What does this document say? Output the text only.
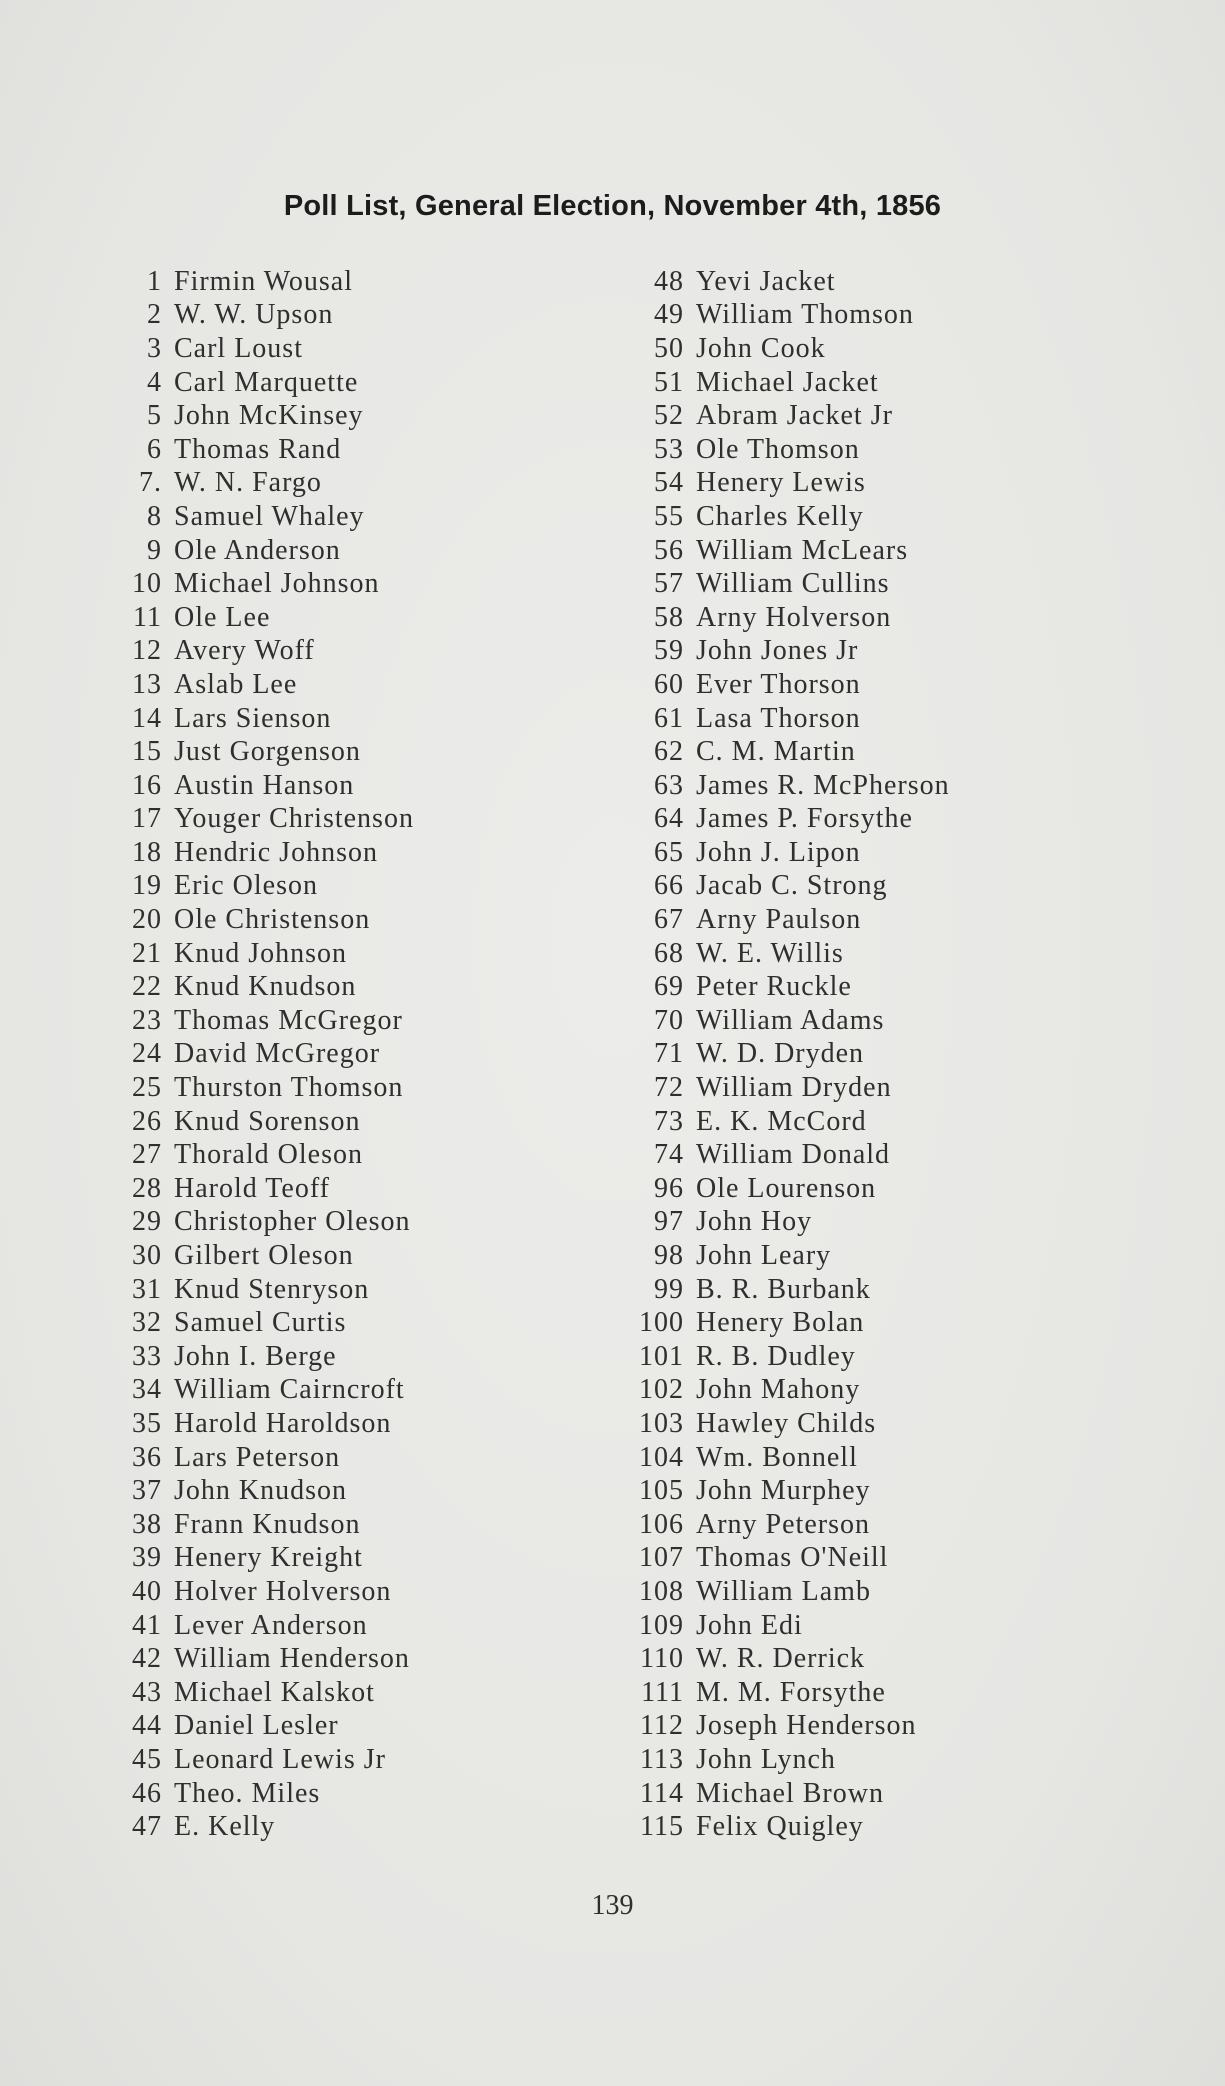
Poll List, General Election, November 4th, 1856
1 Firmin Wousal
2 W. W. Upson
3 Carl Loust
4 Carl Marquette
5 John McKinsey
6 Thomas Rand
7. W. N. Fargo
8 Samuel Whaley
9 Ole Anderson
10 Michael Johnson
11 Ole Lee
12 Avery Woff
13 Aslab Lee
14 Lars Sienson
15 Just Gorgenson
16 Austin Hanson
17 Youger Christenson
18 Hendric Johnson
19 Eric Oleson
20 Ole Christenson
21 Knud Johnson
22 Knud Knudson
23 Thomas McGregor
24 David McGregor
25 Thurston Thomson
26 Knud Sorenson
27 Thorald Oleson
28 Harold Teoff
29 Christopher Oleson
30 Gilbert Oleson
31 Knud Stenryson
32 Samuel Curtis
33 John I. Berge
34 William Cairncroft
35 Harold Haroldson
36 Lars Peterson
37 John Knudson
38 Frann Knudson
39 Henery Kreight
40 Holver Holverson
41 Lever Anderson
42 William Henderson
43 Michael Kalskot
44 Daniel Lesler
45 Leonard Lewis Jr
46 Theo. Miles
47 E. Kelly
48 Yevi Jacket
49 William Thomson
50 John Cook
51 Michael Jacket
52 Abram Jacket Jr
53 Ole Thomson
54 Henery Lewis
55 Charles Kelly
56 William McLears
57 William Cullins
58 Arny Holverson
59 John Jones Jr
60 Ever Thorson
61 Lasa Thorson
62 C. M. Martin
63 James R. McPherson
64 James P. Forsythe
65 John J. Lipon
66 Jacab C. Strong
67 Arny Paulson
68 W. E. Willis
69 Peter Ruckle
70 William Adams
71 W. D. Dryden
72 William Dryden
73 E. K. McCord
74 William Donald
96 Ole Lourenson
97 John Hoy
98 John Leary
99 B. R. Burbank
100 Henery Bolan
101 R. B. Dudley
102 John Mahony
103 Hawley Childs
104 Wm. Bonnell
105 John Murphey
106 Arny Peterson
107 Thomas O'Neill
108 William Lamb
109 John Edi
110 W. R. Derrick
111 M. M. Forsythe
112 Joseph Henderson
113 John Lynch
114 Michael Brown
115 Felix Quigley
139
